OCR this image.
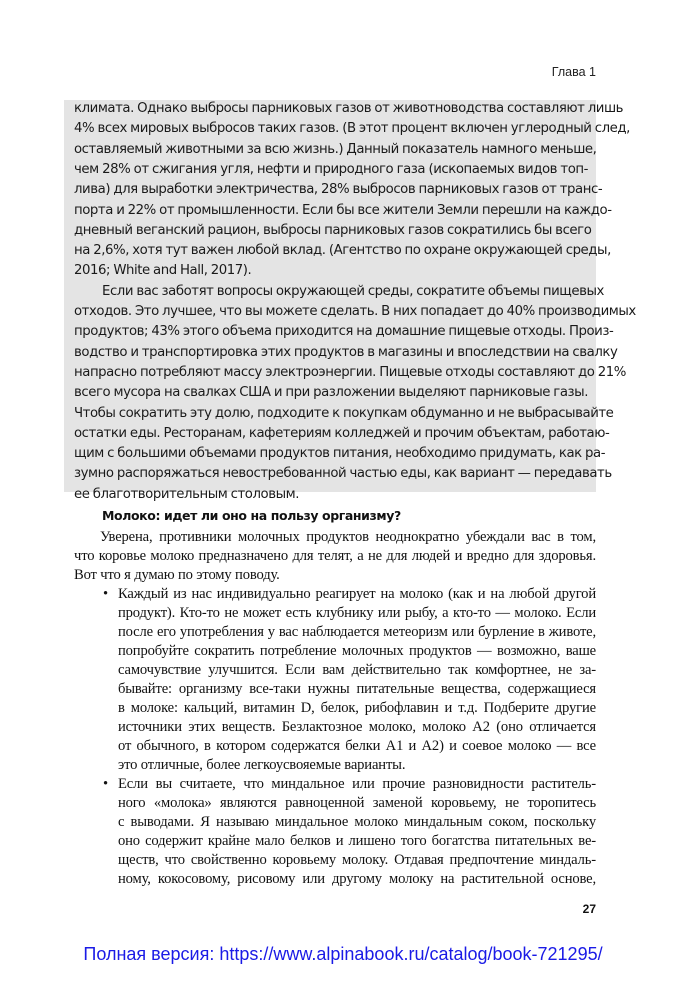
Глава 1
климата. Однако выбросы парниковых газов от животноводства составляют лишь
4% всех мировых выбросов таких газов. (В этот процент включен углеродный след,
оставляемый животными за всю жизнь.) Данный показатель намного меньше,
чем 28% от сжигания угля, нефти и природного газа (ископаемых видов топ-
лива) для выработки электричества, 28% выбросов парниковых газов от транс-
порта и 22% от промышленности. Если бы все жители Земли перешли на каждо-
дневный веганский рацион, выбросы парниковых газов сократились бы всего
на 2,6%, хотя тут важен любой вклад. (Агентство по охране окружающей среды,
2016; White and Hall, 2017).
Если вас заботят вопросы окружающей среды, сократите объемы пищевых
отходов. Это лучшее, что вы можете сделать. В них попадает до 40% производимых
продуктов; 43% этого объема приходится на домашние пищевые отходы. Произ-
водство и транспортировка этих продуктов в магазины и впоследствии на свалку
напрасно потребляют массу электроэнергии. Пищевые отходы составляют до 21%
всего мусора на свалках США и при разложении выделяют парниковые газы.
Чтобы сократить эту долю, подходите к покупкам обдуманно и не выбрасывайте
остатки еды. Ресторанам, кафетериям колледжей и прочим объектам, работаю-
щим с большими объемами продуктов питания, необходимо придумать, как ра-
зумно распоряжаться невостребованной частью еды, как вариант — передавать
ее благотворительным столовым.
Молоко: идет ли оно на пользу организму?
Уверена, противники молочных продуктов неоднократно убеждали вас в том,
что коровье молоко предназначено для телят, а не для людей и вредно для здоровья.
Вот что я думаю по этому поводу.
• Каждый из нас индивидуально реагирует на молоко (как и на любой другой
продукт). Кто-то не может есть клубнику или рыбу, а кто-то — молоко. Если
после его употребления у вас наблюдается метеоризм или бурление в животе,
попробуйте сократить потребление молочных продуктов — возможно, ваше
самочувствие улучшится. Если вам действительно так комфортнее, не за-
бывайте: организму все-таки нужны питательные вещества, содержащиеся
в молоке: кальций, витамин D, белок, рибофлавин и т.д. Подберите другие
источники этих веществ. Безлактозное молоко, молоко A2 (оно отличается
от обычного, в котором содержатся белки A1 и A2) и соевое молоко — все
это отличные, более легкоусвояемые варианты.
• Если вы считаете, что миндальное или прочие разновидности раститель-
ного «молока» являются равноценной заменой коровьему, не торопитесь
с выводами. Я называю миндальное молоко миндальным соком, поскольку
оно содержит крайне мало белков и лишено того богатства питательных ве-
ществ, что свойственно коровьему молоку. Отдавая предпочтение миндаль-
ному, кокосовому, рисовому или другому молоку на растительной основе,
27
Полная версия: https://www.alpinabook.ru/catalog/book-721295/
